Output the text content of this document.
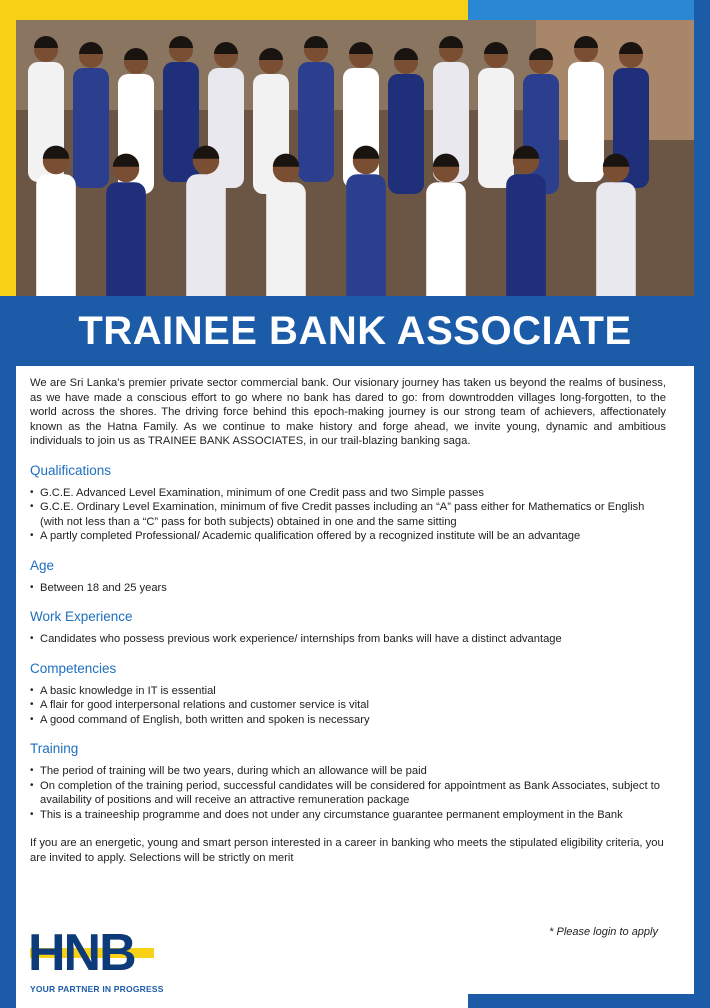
TRAINEE BANK ASSOCIATE

We are Sri Lanka's premier private sector commercial bank. Our visionary journey has taken us beyond the realms of business, as we have made a conscious effort to go where no bank has dared to go: from downtrodden villages long-forgotten, to the world across the shores. The driving force behind this epoch-making journey is our strong team of achievers, affectionately known as the Hatna Family. As we continue to make history and forge ahead, we invite young, dynamic and ambitious individuals to join us as TRAINEE BANK ASSOCIATES, in our trail-blazing banking saga.

Qualifications
• G.C.E. Advanced Level Examination, minimum of one Credit pass and two Simple passes
• G.C.E. Ordinary Level Examination, minimum of five Credit passes including an “A” pass either for Mathematics or English (with not less than a “C” pass for both subjects) obtained in one and the same sitting
• A partly completed Professional/ Academic qualification offered by a recognized institute will be an advantage
Age
• Between 18 and 25 years
Work Experience
• Candidates who possess previous work experience/ internships from banks will have a distinct advantage
Competencies
• A basic knowledge in IT is essential
• A flair for good interpersonal relations and customer service is vital
• A good command of English, both written and spoken is necessary
Training
• The period of training will be two years, during which an allowance will be paid
• On completion of the training period, successful candidates will be considered for appointment as Bank Associates, subject to availability of positions and will receive an attractive remuneration package
• This is a traineeship programme and does not under any circumstance guarantee permanent employment in the Bank

If you are an energetic, young and smart person interested in a career in banking who meets the stipulated eligibility criteria, you are invited to apply. Selections will be strictly on merit

HNB
YOUR PARTNER IN PROGRESS
* Please login to apply
